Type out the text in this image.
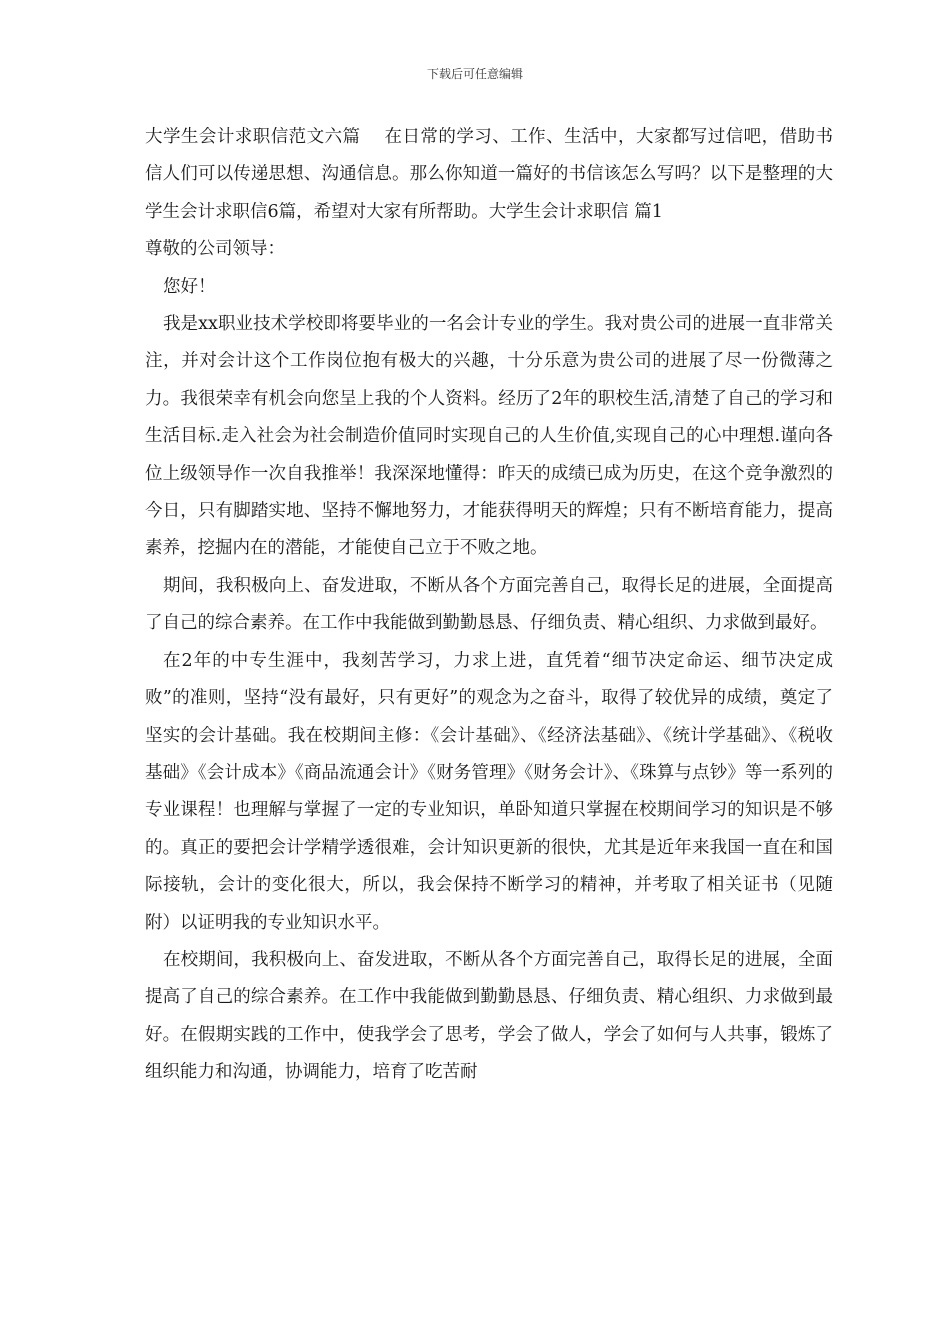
下载后可任意编辑

大学生会计求职信范文六篇　 在日常的学习、工作、生活中，大家都写过信吧，借助书信人们可以传递思想、沟通信息。那么你知道一篇好的书信该怎么写吗？以下是整理的大学生会计求职信6篇，希望对大家有所帮助。大学生会计求职信 篇1

尊敬的公司领导：

您好！

我是xx职业技术学校即将要毕业的一名会计专业的学生。我对贵公司的进展一直非常关注，并对会计这个工作岗位抱有极大的兴趣，十分乐意为贵公司的进展了尽一份微薄之力。我很荣幸有机会向您呈上我的个人资料。经历了2年的职校生活,清楚了自己的学习和生活目标.走入社会为社会制造价值同时实现自己的人生价值,实现自己的心中理想.谨向各位上级领导作一次自我推举！我深深地懂得：昨天的成绩已成为历史，在这个竞争激烈的今日，只有脚踏实地、坚持不懈地努力，才能获得明天的辉煌；只有不断培育能力，提高素养，挖掘内在的潜能，才能使自己立于不败之地。

期间，我积极向上、奋发进取，不断从各个方面完善自己，取得长足的进展，全面提高了自己的综合素养。在工作中我能做到勤勤恳恳、仔细负责、精心组织、力求做到最好。

在2年的中专生涯中，我刻苦学习，力求上进，直凭着“细节决定命运、细节决定成败”的准则，坚持“没有最好，只有更好”的观念为之奋斗，取得了较优异的成绩，奠定了坚实的会计基础。我在校期间主修：《会计基础》、《经济法基础》、《统计学基础》、《税收基础》《会计成本》《商品流通会计》《财务管理》《财务会计》、《珠算与点钞》等一系列的专业课程！也理解与掌握了一定的专业知识，单卧知道只掌握在校期间学习的知识是不够的。真正的要把会计学精学透很难，会计知识更新的很快，尤其是近年来我国一直在和国际接轨，会计的变化很大，所以，我会保持不断学习的精神，并考取了相关证书（见随附）以证明我的专业知识水平。

在校期间，我积极向上、奋发进取，不断从各个方面完善自己，取得长足的进展，全面提高了自己的综合素养。在工作中我能做到勤勤恳恳、仔细负责、精心组织、力求做到最好。在假期实践的工作中，使我学会了思考，学会了做人，学会了如何与人共事，锻炼了组织能力和沟通，协调能力，培育了吃苦耐
